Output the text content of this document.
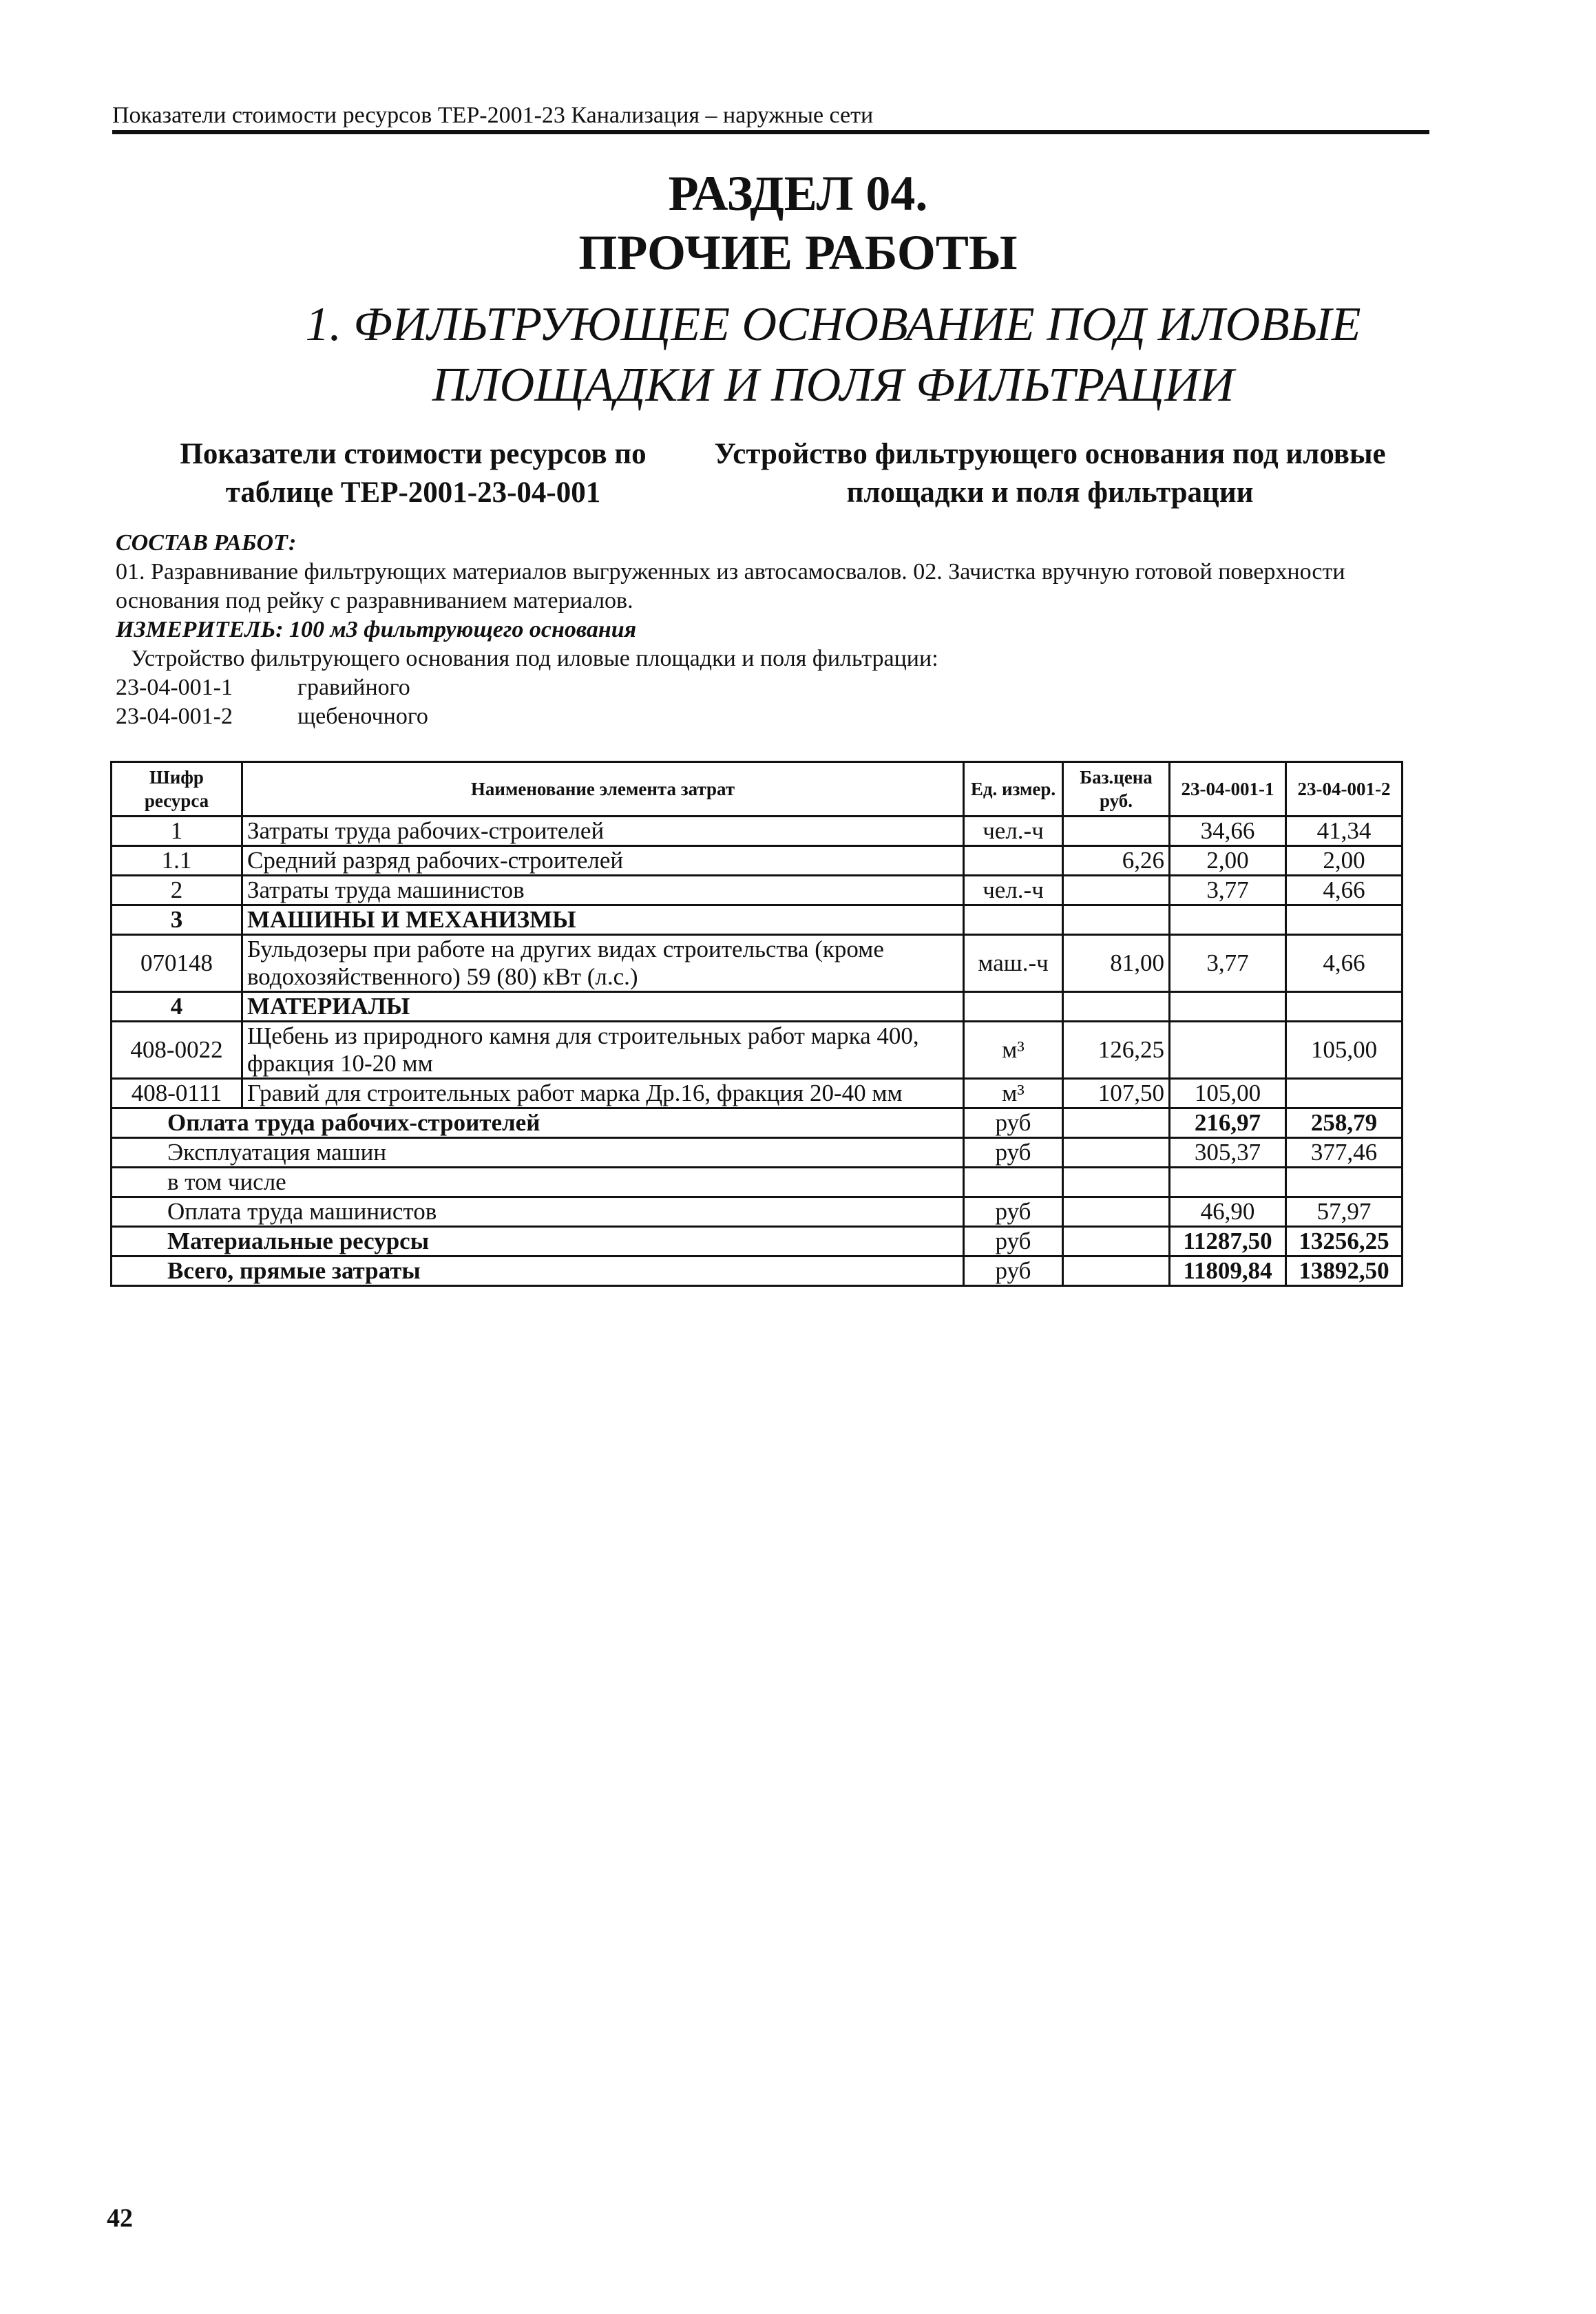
Показатели стоимости ресурсов ТЕР-2001-23 Канализация – наружные сети
РАЗДЕЛ 04.
ПРОЧИЕ РАБОТЫ
1. ФИЛЬТРУЮЩЕЕ ОСНОВАНИЕ ПОД ИЛОВЫЕ ПЛОЩАДКИ И ПОЛЯ ФИЛЬТРАЦИИ
Показатели стоимости ресурсов по
таблице ТЕР-2001-23-04-001
Устройство фильтрующего основания под иловые
площадки и поля фильтрации
СОСТАВ РАБОТ:
01. Разравнивание фильтрующих материалов выгруженных из автосамосвалов. 02. Зачистка вручную готовой поверхности основания под рейку с разравниванием материалов.
ИЗМЕРИТЕЛЬ: 100 м3 фильтрующего основания
Устройство фильтрующего основания под иловые площадки и поля фильтрации:
23-04-001-1	гравийного
23-04-001-2	щебеночного
Шифр ресурса	Наименование элемента затрат	Ед. измер.	Баз.цена руб.	23-04-001-1	23-04-001-2
1	Затраты труда рабочих-строителей	чел.-ч		34,66	41,34
1.1	Средний разряд рабочих-строителей		6,26	2,00	2,00
2	Затраты труда машинистов	чел.-ч		3,77	4,66
3	МАШИНЫ И МЕХАНИЗМЫ				
070148	Бульдозеры при работе на других видах строительства (кроме водохозяйственного) 59 (80) кВт (л.с.)	маш.-ч	81,00	3,77	4,66
4	МАТЕРИАЛЫ				
408-0022	Щебень из природного камня для строительных работ марка 400, фракция 10-20 мм	м³	126,25		105,00
408-0111	Гравий для строительных работ марка Др.16, фракция 20-40 мм	м³	107,50	105,00	
Оплата труда рабочих-строителей		руб		216,97	258,79
Эксплуатация машин		руб		305,37	377,46
в том числе					
Оплата труда машинистов		руб		46,90	57,97
Материальные ресурсы		руб		11287,50	13256,25
Всего, прямые затраты		руб		11809,84	13892,50
42
